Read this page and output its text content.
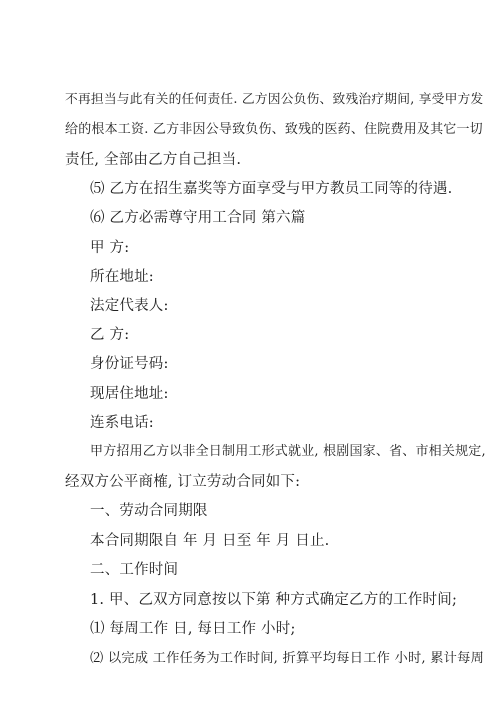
不再担当与此有关的任何责任. 乙方因公负伤、致残治疗期间, 享受甲方发
给的根本工资. 乙方非因公导致负伤、致残的医药、住院费用及其它一切
责任, 全部由乙方自己担当.
⑸ 乙方在招生嘉奖等方面享受与甲方教员工同等的待遇.
⑹ 乙方必需尊守用工合同 第六篇
甲 方:
所在地址:
法定代表人:
乙 方:
身份证号码:
现居住地址:
连系电话:
甲方招用乙方以非全日制用工形式就业, 根剧国家、省、市相关规定,
经双方公平商榷, 订立劳动合同如下:
一、劳动合同期限
本合同期限自 年 月 日至 年 月 日止.
二、工作时间
1. 甲、乙双方同意按以下第 种方式确定乙方的工作时间;
⑴ 每周工作 日, 每日工作 小时;
⑵ 以完成 工作任务为工作时间, 折算平均每日工作 小时, 累计每周
